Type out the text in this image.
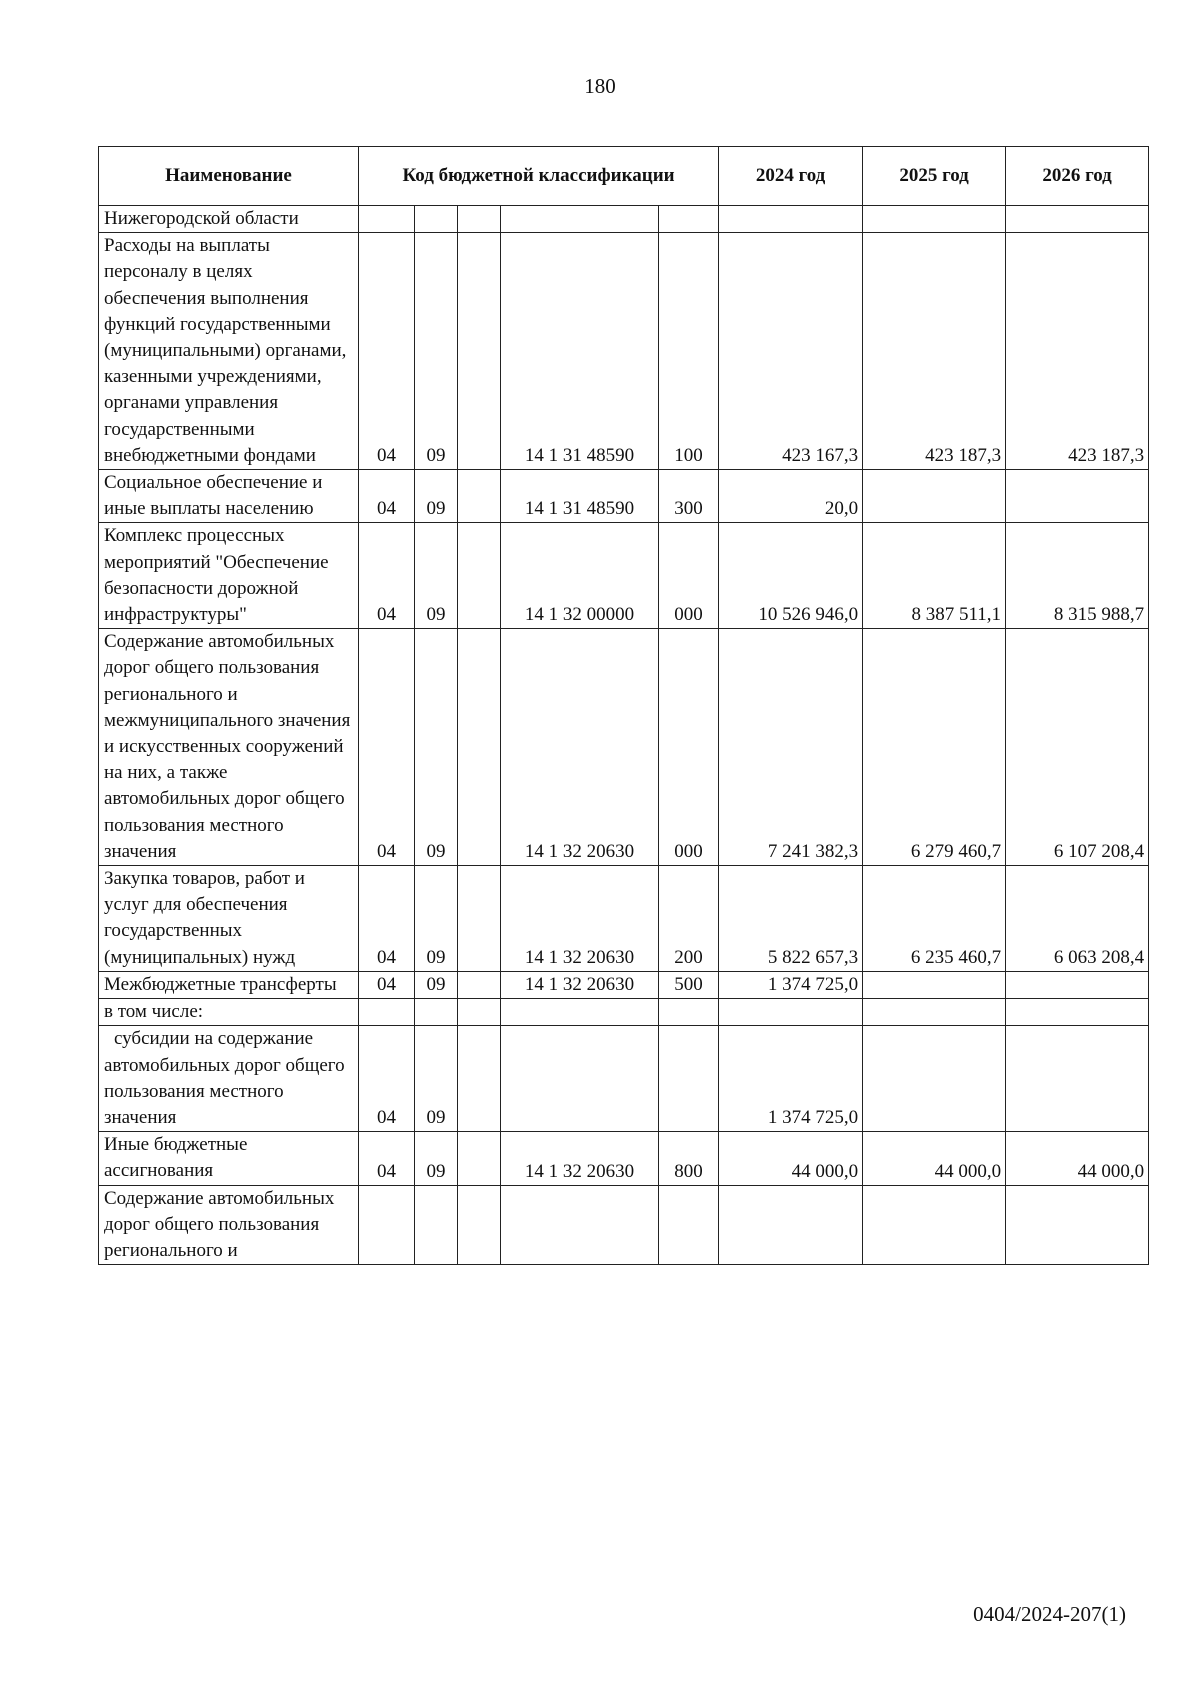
180
Наименование	Код бюджетной классификации					2024 год	2025 год	2026 год
Нижегородской области								
Расходы на выплаты персоналу в целях обеспечения выполнения функций государственными (муниципальными) органами, казенными учреждениями, органами управления государственными внебюджетными фондами	04	09		14 1 31 48590	100	423 167,3	423 187,3	423 187,3
Социальное обеспечение и иные выплаты населению	04	09		14 1 31 48590	300	20,0		
Комплекс процессных мероприятий "Обеспечение безопасности дорожной инфраструктуры"	04	09		14 1 32 00000	000	10 526 946,0	8 387 511,1	8 315 988,7
Содержание автомобильных дорог общего пользования регионального и межмуниципального значения и искусственных сооружений на них, а также автомобильных дорог общего пользования местного значения	04	09		14 1 32 20630	000	7 241 382,3	6 279 460,7	6 107 208,4
Закупка товаров, работ и услуг для обеспечения государственных (муниципальных) нужд	04	09		14 1 32 20630	200	5 822 657,3	6 235 460,7	6 063 208,4
Межбюджетные трансферты	04	09		14 1 32 20630	500	1 374 725,0		
в том числе:								
субсидии на содержание автомобильных дорог общего пользования местного значения	04	09				1 374 725,0		
Иные бюджетные ассигнования	04	09		14 1 32 20630	800	44 000,0	44 000,0	44 000,0
Содержание автомобильных дорог общего пользования регионального и								
0404/2024-207(1)
